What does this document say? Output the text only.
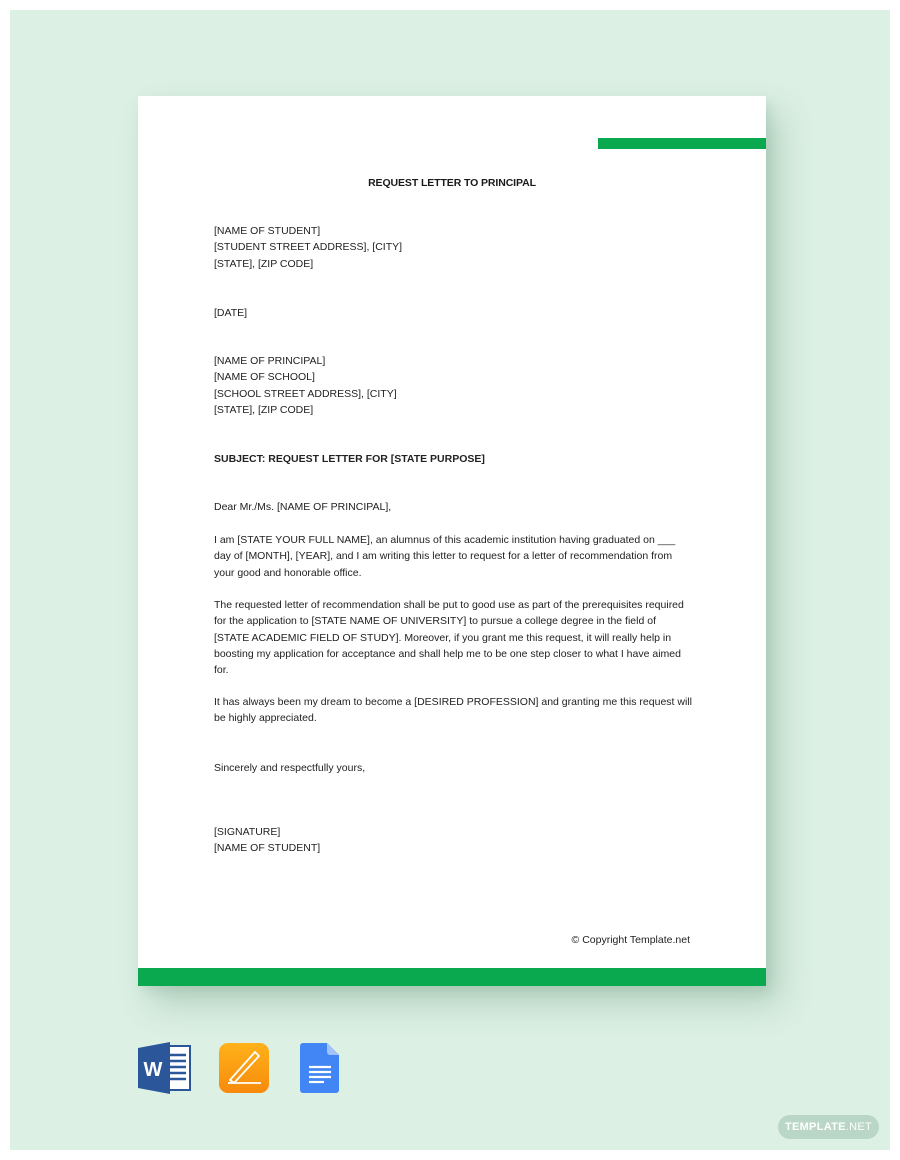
REQUEST LETTER TO PRINCIPAL
[NAME OF STUDENT]
[STUDENT STREET ADDRESS], [CITY]
[STATE], [ZIP CODE]
[DATE]
[NAME OF PRINCIPAL]
[NAME OF SCHOOL]
[SCHOOL STREET ADDRESS], [CITY]
[STATE], [ZIP CODE]
SUBJECT: REQUEST LETTER FOR [STATE PURPOSE]
Dear Mr./Ms. [NAME OF PRINCIPAL],

I am [STATE YOUR FULL NAME], an alumnus of this academic institution having graduated on ___ day of [MONTH], [YEAR], and I am writing this letter to request for a letter of recommendation from your good and honorable office.

The requested letter of recommendation shall be put to good use as part of the prerequisites required for the application to [STATE NAME OF UNIVERSITY] to pursue a college degree in the field of [STATE ACADEMIC FIELD OF STUDY]. Moreover, if you grant me this request, it will really help in boosting my application for acceptance and shall help me to be one step closer to what I have aimed for.

It has always been my dream to become a [DESIRED PROFESSION] and granting me this request will be highly appreciated.

Sincerely and respectfully yours,
[SIGNATURE]
[NAME OF STUDENT]
© Copyright Template.net
W
TEMPLATE.NET
